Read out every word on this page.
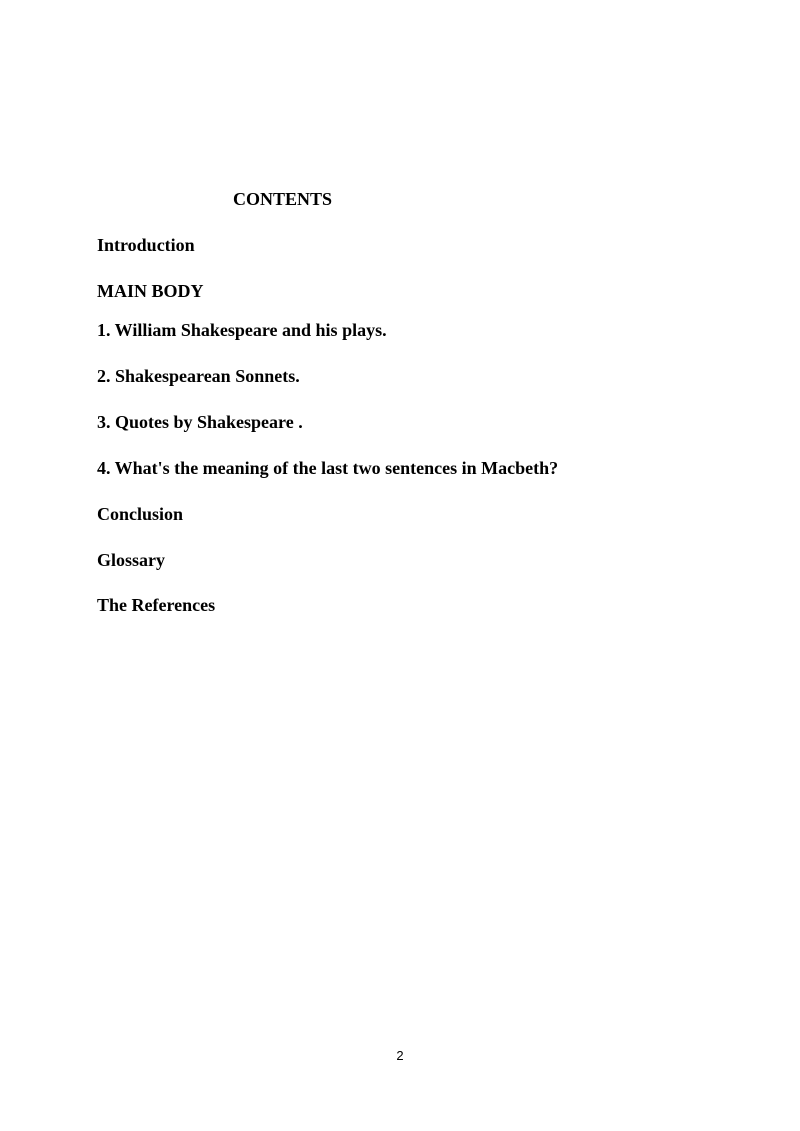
CONTENTS
Introduction
MAIN BODY
1. William Shakespeare and his plays.
2. Shakespearean Sonnets.
3. Quotes by Shakespeare .
4. What's the meaning of the last two sentences in Macbeth?
Conclusion
Glossary
The References
2
